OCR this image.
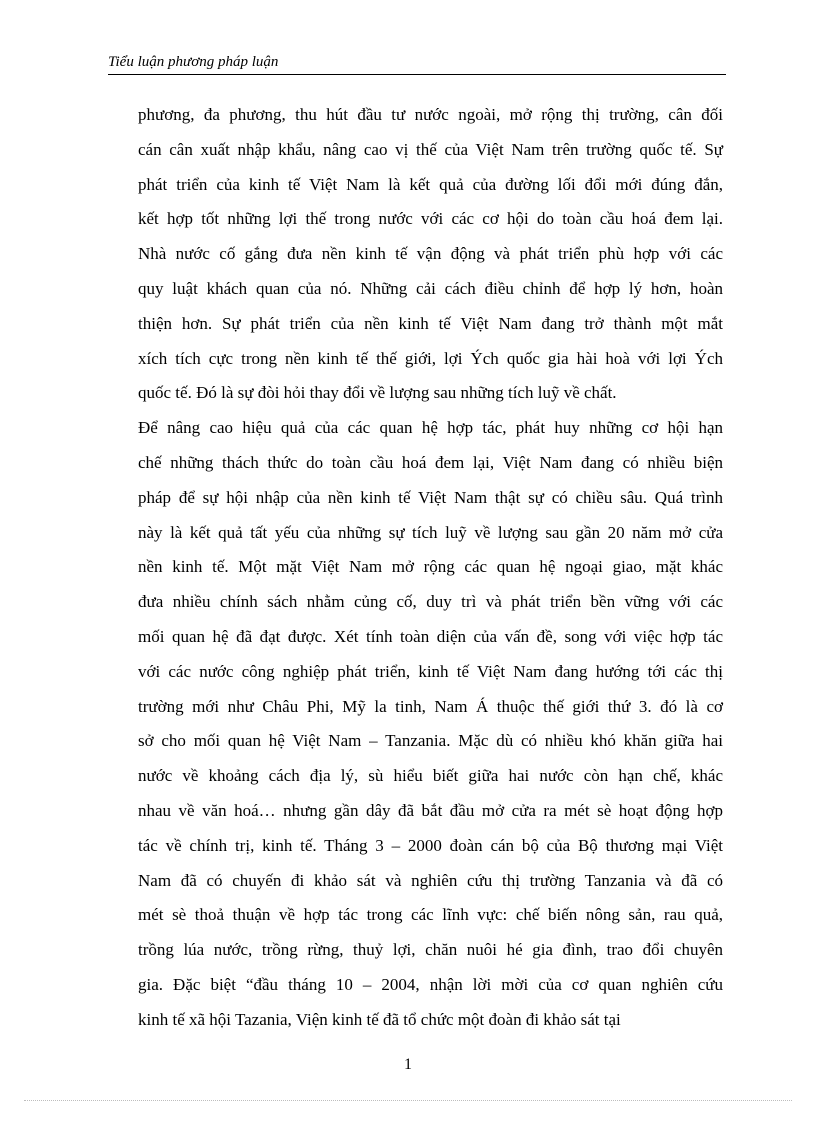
Tiểu luận phương pháp luận
phương, đa phương, thu hút đầu tư nước ngoài, mở rộng thị trường, cân đối
cán cân xuất nhập khẩu, nâng cao vị thế của Việt Nam trên trường quốc tế. Sự
phát triển của kinh tế Việt Nam là kết quả của đường lối đổi mới đúng đắn,
kết hợp tốt những lợi thế trong nước với các cơ hội do toàn cầu hoá đem lại.
Nhà nước cố gắng đưa nền kinh tế vận động và phát triển phù hợp với các
quy luật khách quan của nó. Những cải cách điều chỉnh để hợp lý hơn, hoàn
thiện hơn. Sự phát triển của nền kinh tế Việt Nam đang trở thành một mắt
xích tích cực trong nền kinh tế thế giới, lợi Ých quốc gia hài hoà với lợi Ých
quốc tế. Đó là sự đòi hỏi thay đổi về lượng sau những tích luỹ về chất.
Để nâng cao hiệu quả của các quan hệ hợp tác, phát huy những cơ hội hạn
chế những thách thức do toàn cầu hoá đem lại, Việt Nam đang có nhiều biện
pháp để sự hội nhập của nền kinh tế Việt Nam thật sự có chiều sâu. Quá trình
này là kết quả tất yếu của những sự tích luỹ về lượng sau gần 20 năm mở cửa
nền kinh tế. Một mặt Việt Nam mở rộng các quan hệ ngoại giao, mặt khác
đưa nhiều chính sách nhằm củng cố, duy trì và phát triển bền vững với các
mối quan hệ đã đạt được. Xét tính toàn diện của vấn đề, song với việc hợp tác
với các nước công nghiệp phát triển, kinh tế Việt Nam đang hướng tới các thị
trường mới như Châu Phi, Mỹ la tinh, Nam Á thuộc thế giới thứ 3. đó là cơ
sở cho mối quan hệ Việt Nam – Tanzania. Mặc dù có nhiều khó khăn giữa hai
nước về khoảng cách địa lý, sù hiểu biết giữa hai nước còn hạn chế, khác
nhau về văn hoá… nhưng gần dây đã bắt đầu mở cửa ra mét sè hoạt động hợp
tác về chính trị, kinh tế. Tháng 3 – 2000 đoàn cán bộ của Bộ thương mại Việt
Nam đã có chuyến đi khảo sát và nghiên cứu thị trường Tanzania và đã có
mét sè thoả thuận về hợp tác trong các lĩnh vực: chế biến nông sản, rau quả,
trồng lúa nước, trồng rừng, thuỷ lợi, chăn nuôi hé gia đình, trao đổi chuyên
gia. Đặc biệt “đầu tháng 10 – 2004, nhận lời mời của cơ quan nghiên cứu
kinh tế xã hội Tazania, Viện kinh tế đã tổ chức một đoàn đi khảo sát tại
1
